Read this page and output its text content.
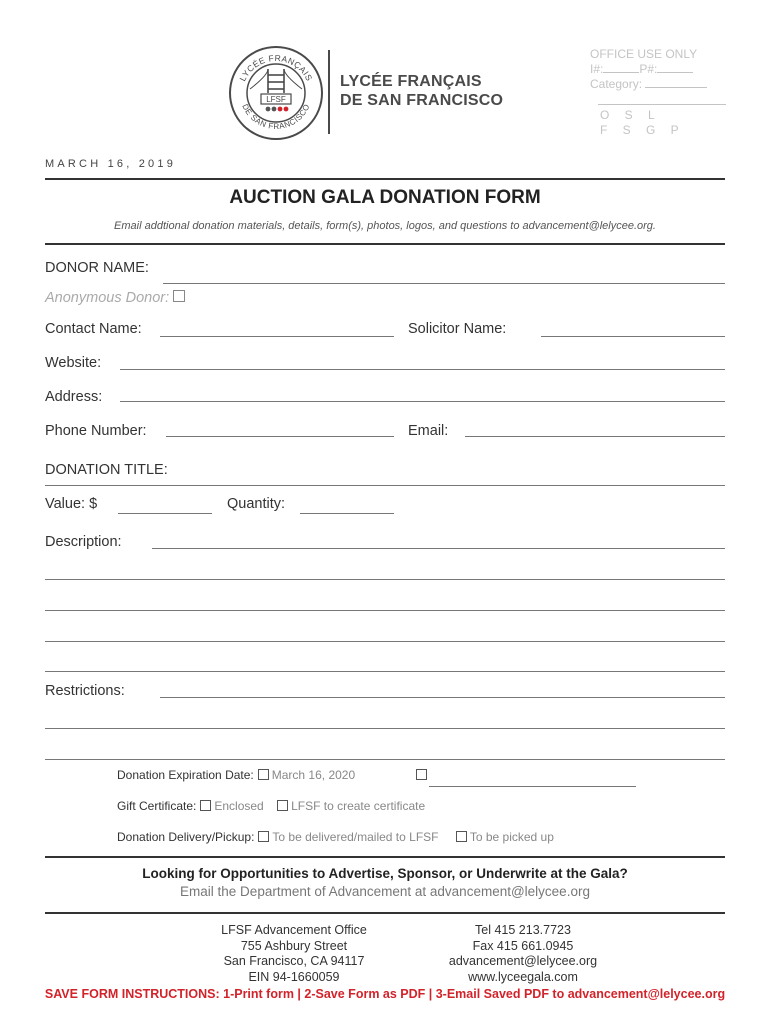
LYCÉE FRANÇAIS
DE SAN FRANCISCO
LFSF
LYCÉE FRANÇAIS
DE SAN FRANCISCO
OFFICE USE ONLY
I#:	P#:
Category:
O S L
F S G P
MARCH 16, 2019
AUCTION GALA DONATION FORM
Email addtional donation materials, details, form(s), photos, logos, and questions to advancement@lelycee.org.
DONOR NAME:
Anonymous Donor:
Contact Name:	Solicitor Name:
Website:
Address:
Phone Number:	Email:
DONATION TITLE:
Value: $	Quantity:
Description:
Restrictions:
Donation Expiration Date: March 16, 2020
Gift Certificate: Enclosed LFSF to create certificate
Donation Delivery/Pickup: To be delivered/mailed to LFSF	To be picked up
Looking for Opportunities to Advertise, Sponsor, or Underwrite at the Gala?
Email the Department of Advancement at advancement@lelycee.org
LFSF Advancement Office
755 Ashbury Street
San Francisco, CA 94117
EIN 94-1660059
Tel 415 213.7723
Fax 415 661.0945
advancement@lelycee.org
www.lyceegala.com
SAVE FORM INSTRUCTIONS: 1-Print form | 2-Save Form as PDF | 3-Email Saved PDF to advancement@lelycee.org
